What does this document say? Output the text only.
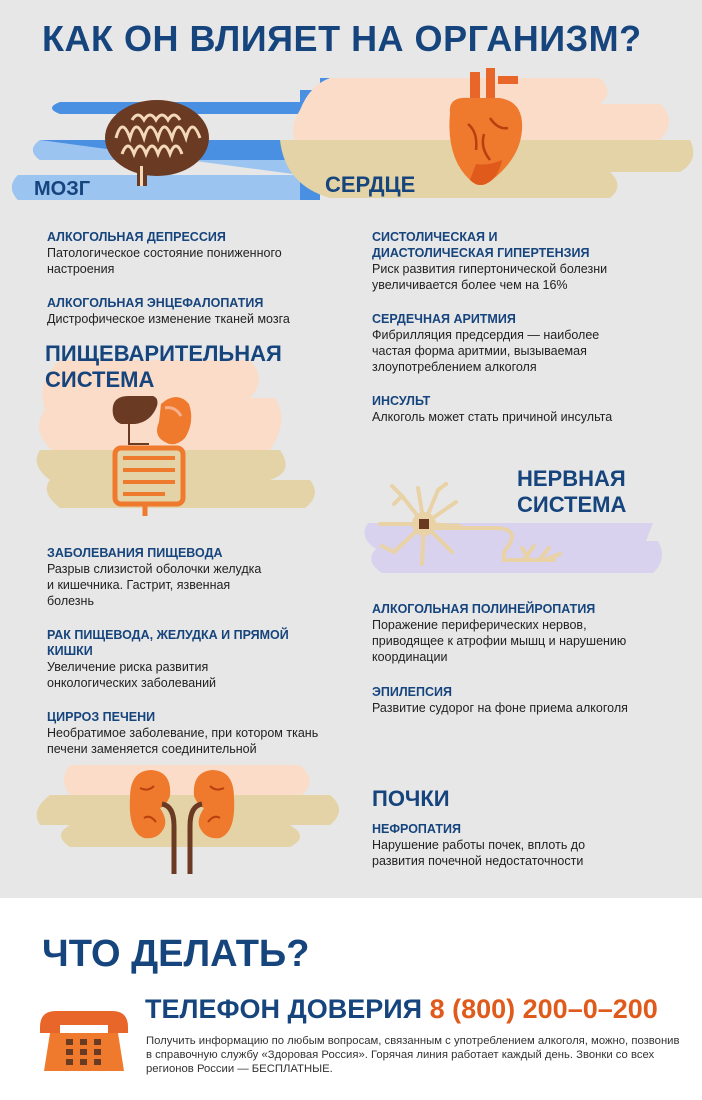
КАК ОН ВЛИЯЕТ НА ОРГАНИЗМ?
МОЗГ	СЕРДЦЕ
АЛКОГОЛЬНАЯ ДЕПРЕССИЯ
Патологическое состояние пониженного настроения
АЛКОГОЛЬНАЯ ЭНЦЕФАЛОПАТИЯ
Дистрофическое изменение тканей мозга
СИСТОЛИЧЕСКАЯ И ДИАСТОЛИЧЕСКАЯ ГИПЕРТЕНЗИЯ
Риск развития гипертонической болезни увеличивается более чем на 16%
СЕРДЕЧНАЯ АРИТМИЯ
Фибрилляция предсердия — наиболее частая форма аритмии, вызываемая злоупотреблением алкоголя
ИНСУЛЬТ
Алкоголь может стать причиной инсульта
ПИЩЕВАРИТЕЛЬНАЯ
СИСТЕМА
ЗАБОЛЕВАНИЯ ПИЩЕВОДА
Разрыв слизистой оболочки желудка и кишечника. Гастрит, язвенная болезнь
РАК ПИЩЕВОДА, ЖЕЛУДКА И ПРЯМОЙ КИШКИ
Увеличение риска развития онкологических заболеваний
ЦИРРОЗ ПЕЧЕНИ
Необратимое заболевание, при котором ткань печени заменяется соединительной
НЕРВНАЯ
СИСТЕМА
АЛКОГОЛЬНАЯ ПОЛИНЕЙРОПАТИЯ
Поражение периферических нервов, приводящее к атрофии мышц и нарушению координации
ЭПИЛЕПСИЯ
Развитие судорог на фоне приема алкоголя
ПОЧКИ
НЕФРОПАТИЯ
Нарушение работы почек, вплоть до развития почечной недостаточности
ЧТО ДЕЛАТЬ?
ТЕЛЕФОН ДОВЕРИЯ 8 (800) 200–0–200
Получить информацию по любым вопросам, связанным с употреблением алкоголя, можно, позвонив в справочную службу «Здоровая Россия». Горячая линия работает каждый день. Звонки со всех регионов России — БЕСПЛАТНЫЕ.
